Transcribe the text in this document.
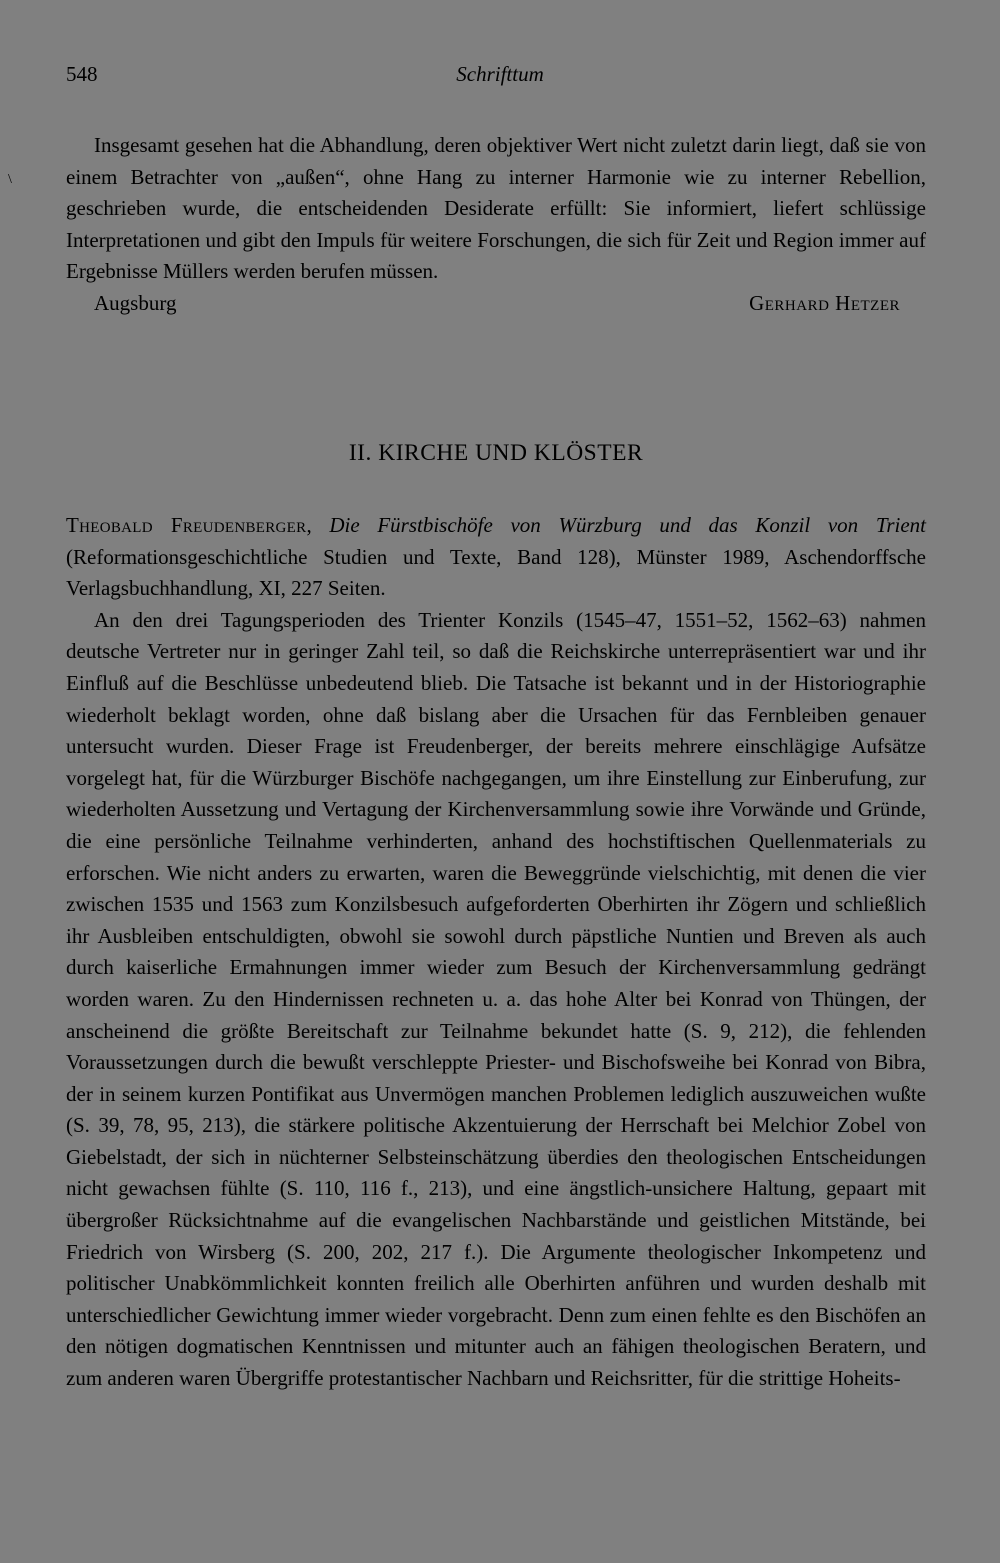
548	Schrifttum
\

Insgesamt gesehen hat die Abhandlung, deren objektiver Wert nicht zuletzt darin liegt, daß sie von einem Betrachter von „außen“, ohne Hang zu interner Harmonie wie zu interner Rebellion, geschrieben wurde, die entscheidenden Desiderate erfüllt: Sie informiert, liefert schlüssige Interpretationen und gibt den Impuls für weitere Forschungen, die sich für Zeit und Region immer auf Ergebnisse Müllers werden berufen müssen.

Augsburg	Gerhard Hetzer
II. KIRCHE UND KLÖSTER

Theobald Freudenberger, Die Fürstbischöfe von Würzburg und das Konzil von Trient (Reformationsgeschichtliche Studien und Texte, Band 128), Münster 1989, Aschendorffsche Verlagsbuchhandlung, XI, 227 Seiten.

An den drei Tagungsperioden des Trienter Konzils (1545–47, 1551–52, 1562–63) nahmen deutsche Vertreter nur in geringer Zahl teil, so daß die Reichskirche unterrepräsentiert war und ihr Einfluß auf die Beschlüsse unbedeutend blieb. Die Tatsache ist bekannt und in der Historiographie wiederholt beklagt worden, ohne daß bislang aber die Ursachen für das Fernbleiben genauer untersucht wurden. Dieser Frage ist Freudenberger, der bereits mehrere einschlägige Aufsätze vorgelegt hat, für die Würzburger Bischöfe nachgegangen, um ihre Einstellung zur Einberufung, zur wiederholten Aussetzung und Vertagung der Kirchenversammlung sowie ihre Vorwände und Gründe, die eine persönliche Teilnahme verhinderten, anhand des hochstiftischen Quellenmaterials zu erforschen. Wie nicht anders zu erwarten, waren die Beweggründe vielschichtig, mit denen die vier zwischen 1535 und 1563 zum Konzilsbesuch aufgeforderten Oberhirten ihr Zögern und schließlich ihr Ausbleiben entschuldigten, obwohl sie sowohl durch päpstliche Nuntien und Breven als auch durch kaiserliche Ermahnungen immer wieder zum Besuch der Kirchenversammlung gedrängt worden waren. Zu den Hindernissen rechneten u. a. das hohe Alter bei Konrad von Thüngen, der anscheinend die größte Bereitschaft zur Teilnahme bekundet hatte (S. 9, 212), die fehlenden Voraussetzungen durch die bewußt verschleppte Priester- und Bischofsweihe bei Konrad von Bibra, der in seinem kurzen Pontifikat aus Unvermögen manchen Problemen lediglich auszuweichen wußte (S. 39, 78, 95, 213), die stärkere politische Akzentuierung der Herrschaft bei Melchior Zobel von Giebelstadt, der sich in nüchterner Selbsteinschätzung überdies den theologischen Entscheidungen nicht gewachsen fühlte (S. 110, 116 f., 213), und eine ängstlich-unsichere Haltung, gepaart mit übergroßer Rücksichtnahme auf die evangelischen Nachbarstände und geistlichen Mitstände, bei Friedrich von Wirsberg (S. 200, 202, 217 f.). Die Argumente theologischer Inkompetenz und politischer Unabkömmlichkeit konnten freilich alle Oberhirten anführen und wurden deshalb mit unterschiedlicher Gewichtung immer wieder vorgebracht. Denn zum einen fehlte es den Bischöfen an den nötigen dogmatischen Kenntnissen und mitunter auch an fähigen theologischen Beratern, und zum anderen waren Übergriffe protestantischer Nachbarn und Reichsritter, für die strittige Hoheits-
